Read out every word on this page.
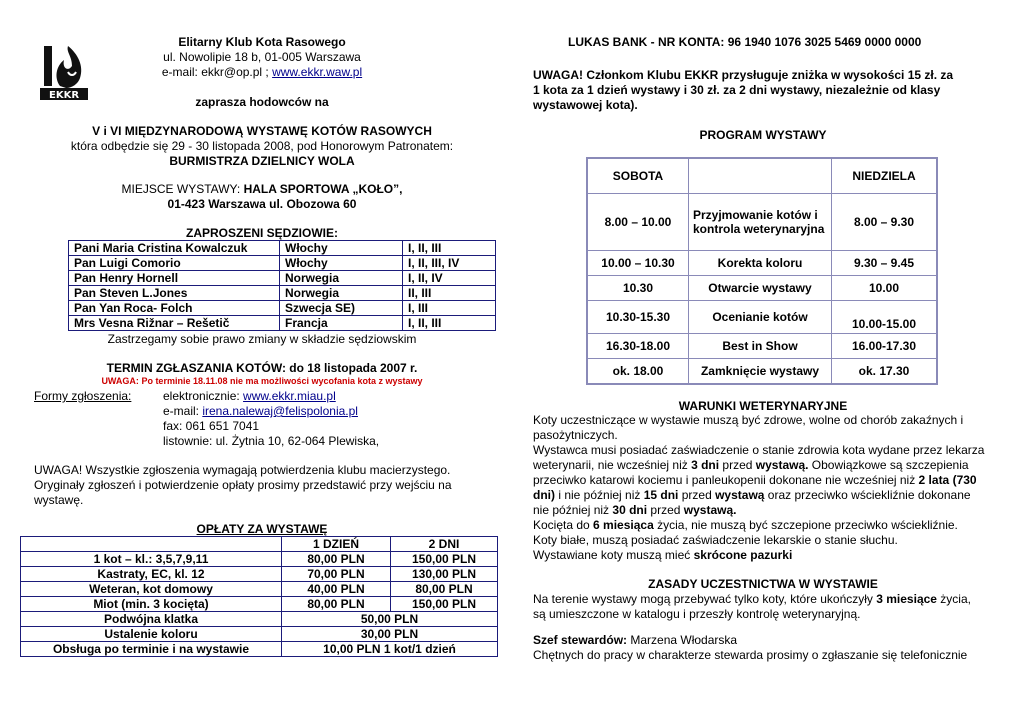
EKKR
Elitarny Klub Kota Rasowego
ul. Nowolipie 18 b, 01-005 Warszawa
e-mail: ekkr@op.pl ; www.ekkr.waw.pl
zaprasza hodowców na
V i VI MIĘDZYNARODOWĄ WYSTAWĘ KOTÓW RASOWYCH
która odbędzie się 29 - 30 listopada 2008, pod Honorowym Patronatem:
BURMISTRZA DZIELNICY WOLA
MIEJSCE WYSTAWY: HALA SPORTOWA „KOŁO”,
01-423 Warszawa ul. Obozowa 60
ZAPROSZENI SĘDZIOWIE:
Pani Maria Cristina Kowalczuk	Włochy	I, II, III
Pan Luigi Comorio	Włochy	I, II, III, IV
Pan Henry Hornell	Norwegia	I, II, IV
Pan Steven L.Jones	Norwegia	II, III
Pan Yan Roca- Folch	Szwecja SE)	I, III
Mrs Vesna Rižnar – Reše​tič	Francja	I, II, III
Zastrzegamy sobie prawo zmiany w składzie sędziowskim
TERMIN ZGŁASZANIA KOTÓW: do 18 listopada 2007 r.
UWAGA: Po terminie 18.11.08 nie ma możliwości wycofania kota z wystawy
Formy zgłoszenia:	elektronicznie: www.ekkr.miau.pl
e-mail: irena.nalewaj@felispolonia.pl
fax: 061 651 7041
listownie: ul. Żytnia 10, 62-064 Plewiska,
UWAGA! Wszystkie zgłoszenia wymagają potwierdzenia klubu macierzystego.
Oryginały zgłoszeń i potwierdzenie opłaty prosimy przedstawić przy wejściu na
wystawę.
OPŁATY ZA WYSTAWĘ
	1 DZIEŃ	2 DNI
1 kot – kl.: 3,5,7,9,11	80,00 PLN	150,00 PLN
Kastraty, EC, kl. 12	70,00 PLN	130,00 PLN
Weteran, kot domowy	40,00 PLN	80,00 PLN
Miot (min. 3 kocięta)	80,00 PLN	150,00 PLN
Podwójna klatka	50,00 PLN	
Ustalenie koloru	30,00 PLN	
Obsługa po terminie i na wystawie	10,00 PLN 1 kot/1 dzień	
LUKAS BANK - NR KONTA: 96 1940 1076 3025 5469 0000 0000
UWAGA! Członkom Klubu EKKR przysługuje zniżka w wysokości 15 zł. za
1 kota za 1 dzień wystawy i 30 zł. za 2 dni wystawy, niezależnie od klasy
wystawowej kota).
PROGRAM WYSTAWY
SOBOTA		NIEDZIELA
8.00 – 10.00	Przyjmowanie kotów i kontrola weterynaryjna	8.00 – 9.30
10.00 – 10.30	Korekta koloru	9.30 – 9.45
10.30	Otwarcie wystawy	10.00
10.30-15.30	Ocenianie kotów	10.00-15.00
16.30-18.00	Best in Show	16.00-17.30
ok. 18.00	Zamknięcie wystawy	ok. 17.30
WARUNKI WETERYNARYJNE
Koty uczestniczące w wystawie muszą być zdrowe, wolne od chorób zakaźnych i
pasożytniczych.
Wystawca musi posiadać zaświadczenie o stanie zdrowia kota wydane przez lekarza
weterynarii, nie wcześniej niż 3 dni przed wystawą. Obowiązkowe są szczepienia
przeciwko katarowi kociemu i panleukopenii dokonane nie wcześniej niż 2 lata (730
dni) i nie później niż 15 dni przed wystawą oraz przeciwko wściekliźnie dokonane
nie później niż 30 dni przed wystawą.
Kocięta do 6 miesiąca życia, nie muszą być szczepione przeciwko wściekliźnie.
Koty białe, muszą posiadać zaświadczenie lekarskie o stanie słuchu.
Wystawiane koty muszą mieć skrócone pazurki
ZASADY UCZESTNICTWA W WYSTAWIE
Na terenie wystawy mogą przebywać tylko koty, które ukończyły 3 miesiące życia,
są umieszczone w katalogu i przeszły kontrolę weterynaryjną.
Szef stewardów: Marzena Włodarska
Chętnych do pracy w charakterze stewarda prosimy o zgłaszanie się telefonicznie
